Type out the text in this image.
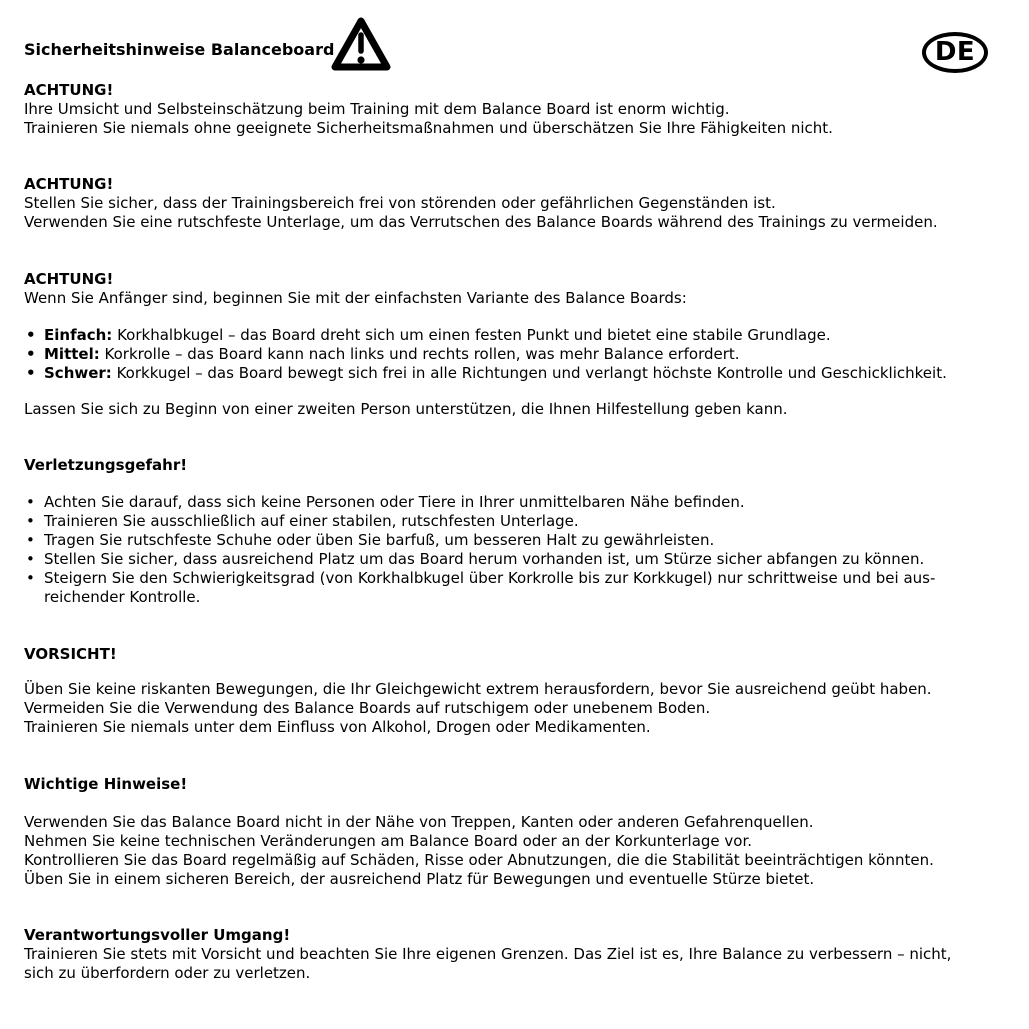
Sicherheitshinweise Balanceboard	DE
ACHTUNG!
Ihre Umsicht und Selbsteinschätzung beim Training mit dem Balance Board ist enorm wichtig.
Trainieren Sie niemals ohne geeignete Sicherheitsmaßnahmen und überschätzen Sie Ihre Fähigkeiten nicht.
ACHTUNG!
Stellen Sie sicher, dass der Trainingsbereich frei von störenden oder gefährlichen Gegenständen ist.
Verwenden Sie eine rutschfeste Unterlage, um das Verrutschen des Balance Boards während des Trainings zu vermeiden.
ACHTUNG!
Wenn Sie Anfänger sind, beginnen Sie mit der einfachsten Variante des Balance Boards:
• Einfach: Korkhalbkugel – das Board dreht sich um einen festen Punkt und bietet eine stabile Grundlage.
• Mittel: Korkrolle – das Board kann nach links und rechts rollen, was mehr Balance erfordert.
• Schwer: Korkkugel – das Board bewegt sich frei in alle Richtungen und verlangt höchste Kontrolle und Geschicklichkeit.
Lassen Sie sich zu Beginn von einer zweiten Person unterstützen, die Ihnen Hilfestellung geben kann.
Verletzungsgefahr!
• Achten Sie darauf, dass sich keine Personen oder Tiere in Ihrer unmittelbaren Nähe befinden.
• Trainieren Sie ausschließlich auf einer stabilen, rutschfesten Unterlage.
• Tragen Sie rutschfeste Schuhe oder üben Sie barfuß, um besseren Halt zu gewährleisten.
• Stellen Sie sicher, dass ausreichend Platz um das Board herum vorhanden ist, um Stürze sicher abfangen zu können.
• Steigern Sie den Schwierigkeitsgrad (von Korkhalbkugel über Korkrolle bis zur Korkkugel) nur schrittweise und bei aus-
reichender Kontrolle.
VORSICHT!
Üben Sie keine riskanten Bewegungen, die Ihr Gleichgewicht extrem herausfordern, bevor Sie ausreichend geübt haben.
Vermeiden Sie die Verwendung des Balance Boards auf rutschigem oder unebenem Boden.
Trainieren Sie niemals unter dem Einfluss von Alkohol, Drogen oder Medikamenten.
Wichtige Hinweise!
Verwenden Sie das Balance Board nicht in der Nähe von Treppen, Kanten oder anderen Gefahrenquellen.
Nehmen Sie keine technischen Veränderungen am Balance Board oder an der Korkunterlage vor.
Kontrollieren Sie das Board regelmäßig auf Schäden, Risse oder Abnutzungen, die die Stabilität beeinträchtigen könnten.
Üben Sie in einem sicheren Bereich, der ausreichend Platz für Bewegungen und eventuelle Stürze bietet.
Verantwortungsvoller Umgang!
Trainieren Sie stets mit Vorsicht und beachten Sie Ihre eigenen Grenzen. Das Ziel ist es, Ihre Balance zu verbessern – nicht,
sich zu überfordern oder zu verletzen.
